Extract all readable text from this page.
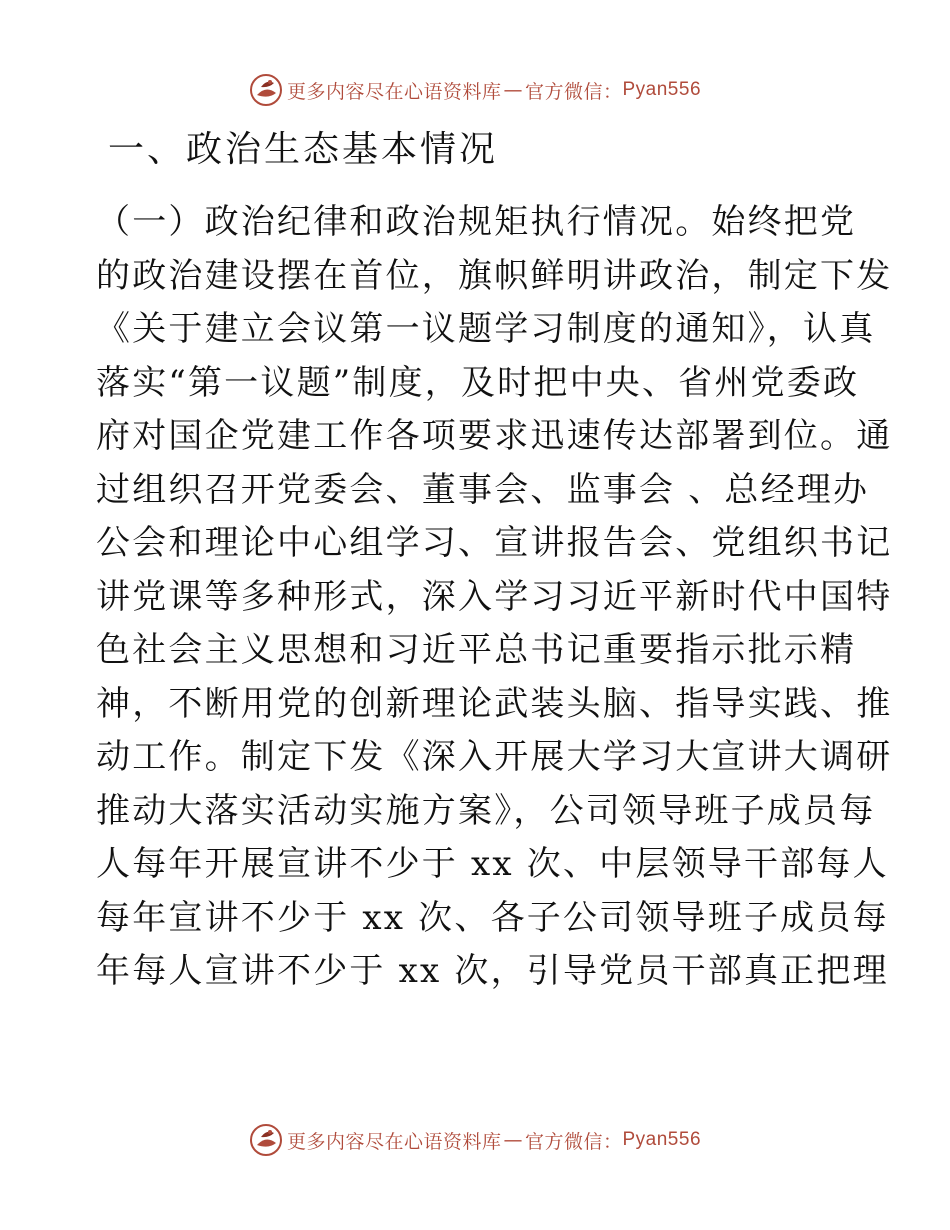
更多内容尽在心语资料库 — 官方微信： Pyan556
一、政治生态基本情况
（一）政治纪律和政治规矩执行情况。始终把党
的政治建设摆在首位，旗帜鲜明讲政治，制定下发
《关于建立会议第一议题学习制度的通知》，认真
落实“第一议题”制度，及时把中央、省州党委政
府对国企党建工作各项要求迅速传达部署到位。通
过组织召开党委会、董事会、监事会 、总经理办
公会和理论中心组学习、宣讲报告会、党组织书记
讲党课等多种形式，深入学习习近平新时代中国特
色社会主义思想和习近平总书记重要指示批示精
神，不断用党的创新理论武装头脑、指导实践、推
动工作。制定下发《深入开展大学习大宣讲大调研
推动大落实活动实施方案》，公司领导班子成员每
人每年开展宣讲不少于 xx 次、中层领导干部每人
每年宣讲不少于 xx 次、各子公司领导班子成员每
年每人宣讲不少于 xx 次，引导党员干部真正把理
更多内容尽在心语资料库 — 官方微信： Pyan556
